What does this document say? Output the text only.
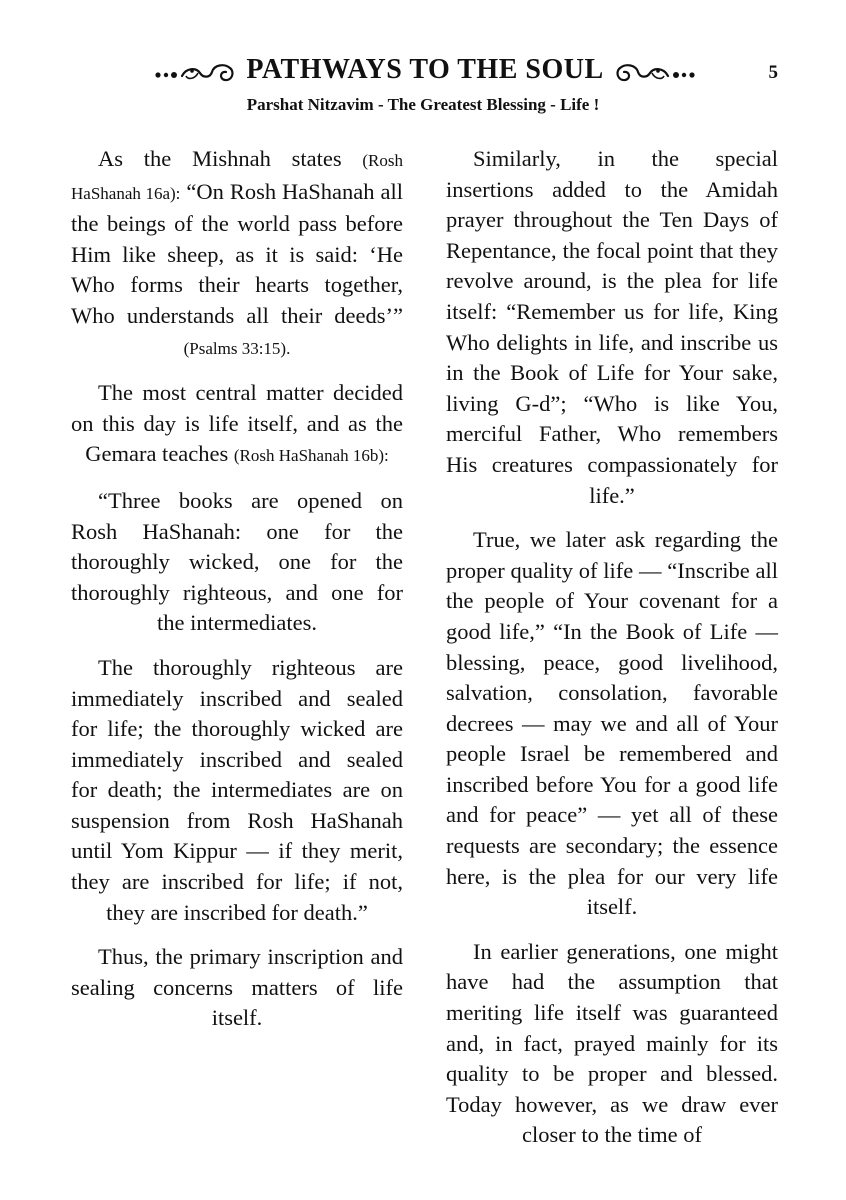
PATHWAYS TO THE SOUL	5
Parshat Nitzavim - The Greatest Blessing - Life !

As the Mishnah states (Rosh HaShanah 16a): “On Rosh HaShanah all the beings of the world pass before Him like sheep, as it is said: ‘He Who forms their hearts together, Who understands all their deeds’” (Psalms 33:15).

The most central matter decided on this day is life itself, and as the Gemara teaches (Rosh HaShanah 16b):

“Three books are opened on Rosh HaShanah: one for the thoroughly wicked, one for the thoroughly righteous, and one for the intermediates.

The thoroughly righteous are immediately inscribed and sealed for life; the thoroughly wicked are immediately inscribed and sealed for death; the intermediates are on suspension from Rosh HaShanah until Yom Kippur — if they merit, they are inscribed for life; if not, they are inscribed for death.”

Thus, the primary inscription and sealing concerns matters of life itself.

Similarly, in the special insertions added to the Amidah prayer throughout the Ten Days of Repentance, the focal point that they revolve around, is the plea for life itself: “Remember us for life, King Who delights in life, and inscribe us in the Book of Life for Your sake, living G-d”; “Who is like You, merciful Father, Who remembers His creatures compassionately for life.”

True, we later ask regarding the proper quality of life — “Inscribe all the people of Your covenant for a good life,” “In the Book of Life — blessing, peace, good livelihood, salvation, consolation, favorable decrees — may we and all of Your people Israel be remembered and inscribed before You for a good life and for peace” — yet all of these requests are secondary; the essence here, is the plea for our very life itself.

In earlier generations, one might have had the assumption that meriting life itself was guaranteed and, in fact, prayed mainly for its quality to be proper and blessed. Today however, as we draw ever closer to the time of
